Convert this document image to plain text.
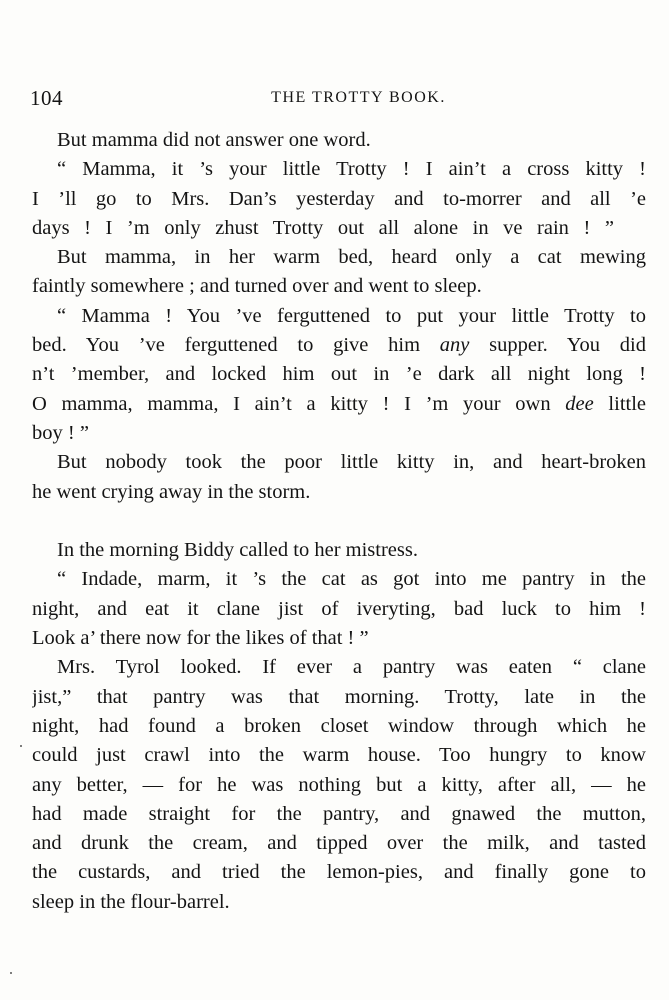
104	THE TROTTY BOOK.
But mamma did not answer one word.
“ Mamma, it ’s your little Trotty ! I ain’t a cross kitty !
I ’ll go to Mrs. Dan’s yesterday and to-morrer and all ’e
days ! I ’m only zhust Trotty out all alone in ve rain ! ”
But mamma, in her warm bed, heard only a cat mewing
faintly somewhere ; and turned over and went to sleep.
“ Mamma ! You ’ve ferguttened to put your little Trotty to
bed. You ’ve ferguttened to give him any supper. You did
n’t ’member, and locked him out in ’e dark all night long !
O mamma, mamma, I ain’t a kitty ! I ’m your own dee little
boy ! ”
But nobody took the poor little kitty in, and heart-broken
he went crying away in the storm.
In the morning Biddy called to her mistress.
“ Indade, marm, it ’s the cat as got into me pantry in the
night, and eat it clane jist of iveryting, bad luck to him !
Look a’ there now for the likes of that ! ”
Mrs. Tyrol looked. If ever a pantry was eaten “ clane
jist,” that pantry was that morning. Trotty, late in the
night, had found a broken closet window through which he
could just crawl into the warm house. Too hungry to know
any better, — for he was nothing but a kitty, after all, — he
had made straight for the pantry, and gnawed the mutton,
and drunk the cream, and tipped over the milk, and tasted
the custards, and tried the lemon-pies, and finally gone to
sleep in the flour-barrel.
